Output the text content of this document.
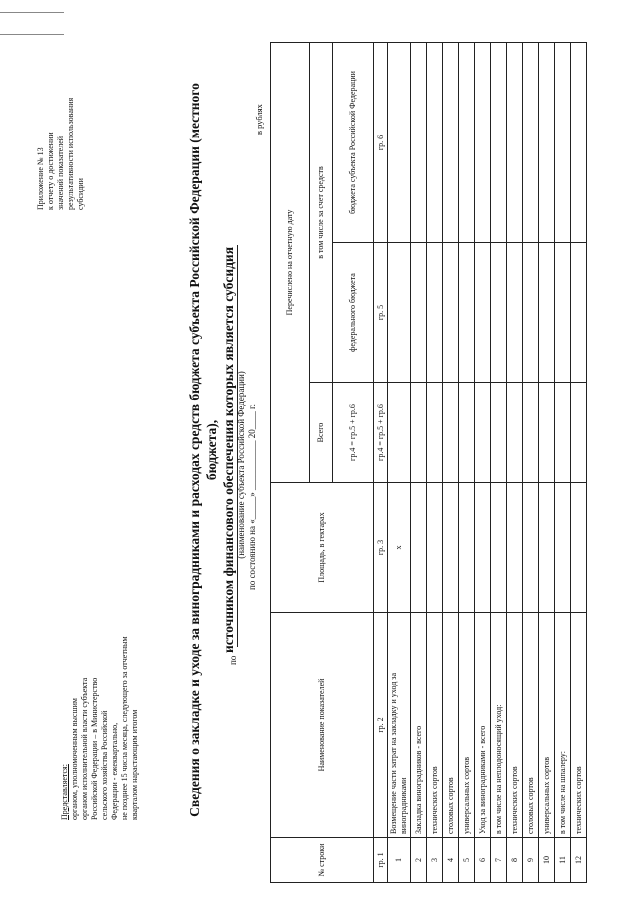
Приложение № 13 к отчету о достижении значений показателей результативности использования субсидии
Представляется: органом, уполномоченным высшим органом исполнительной власти субъекта Российской Федерации – в Министерство сельского хозяйства Российской Федерации - ежеквартально, не позднее 15 числа месяца, следующего за отчетным кварталом нарастающим итогом	Сведения о закладке и уходе за виноградниками и расходах средств бюджета субъекта Российской Федерации (местного бюджета), источником финансового обеспечения которых является субсидия
по
(наименование субъекта Российской Федерации) по состоянию на «_____» ___________ 20____ г.
в рублях
№ строки	Наименование показателей	Площадь, в гектарах	Перечислено на отчетную дату		
			Всего	в том числе за счет средств	
			гр.4 = гр.5 + гр.6	федерального бюджета	бюджета субъекта Российской Федерации
гр. 1	гр. 2	гр. 3	гр.4 = гр.5 + гр.6	гр. 5	гр. 6
1	Возмещение части затрат на закладку и уход за виноградниками	х			
2	Закладка виноградников - всего				
3	технических сортов				
4	столовых сортов				
5	универсальных сортов				
6	Уход за виноградниками - всего				
7	в том числе на неплодоносящий уход:				
8	технических сортов				
9	столовых сортов				
10	универсальных сортов				
11	в том числе на шпалеру:				
12	технических сортов				
